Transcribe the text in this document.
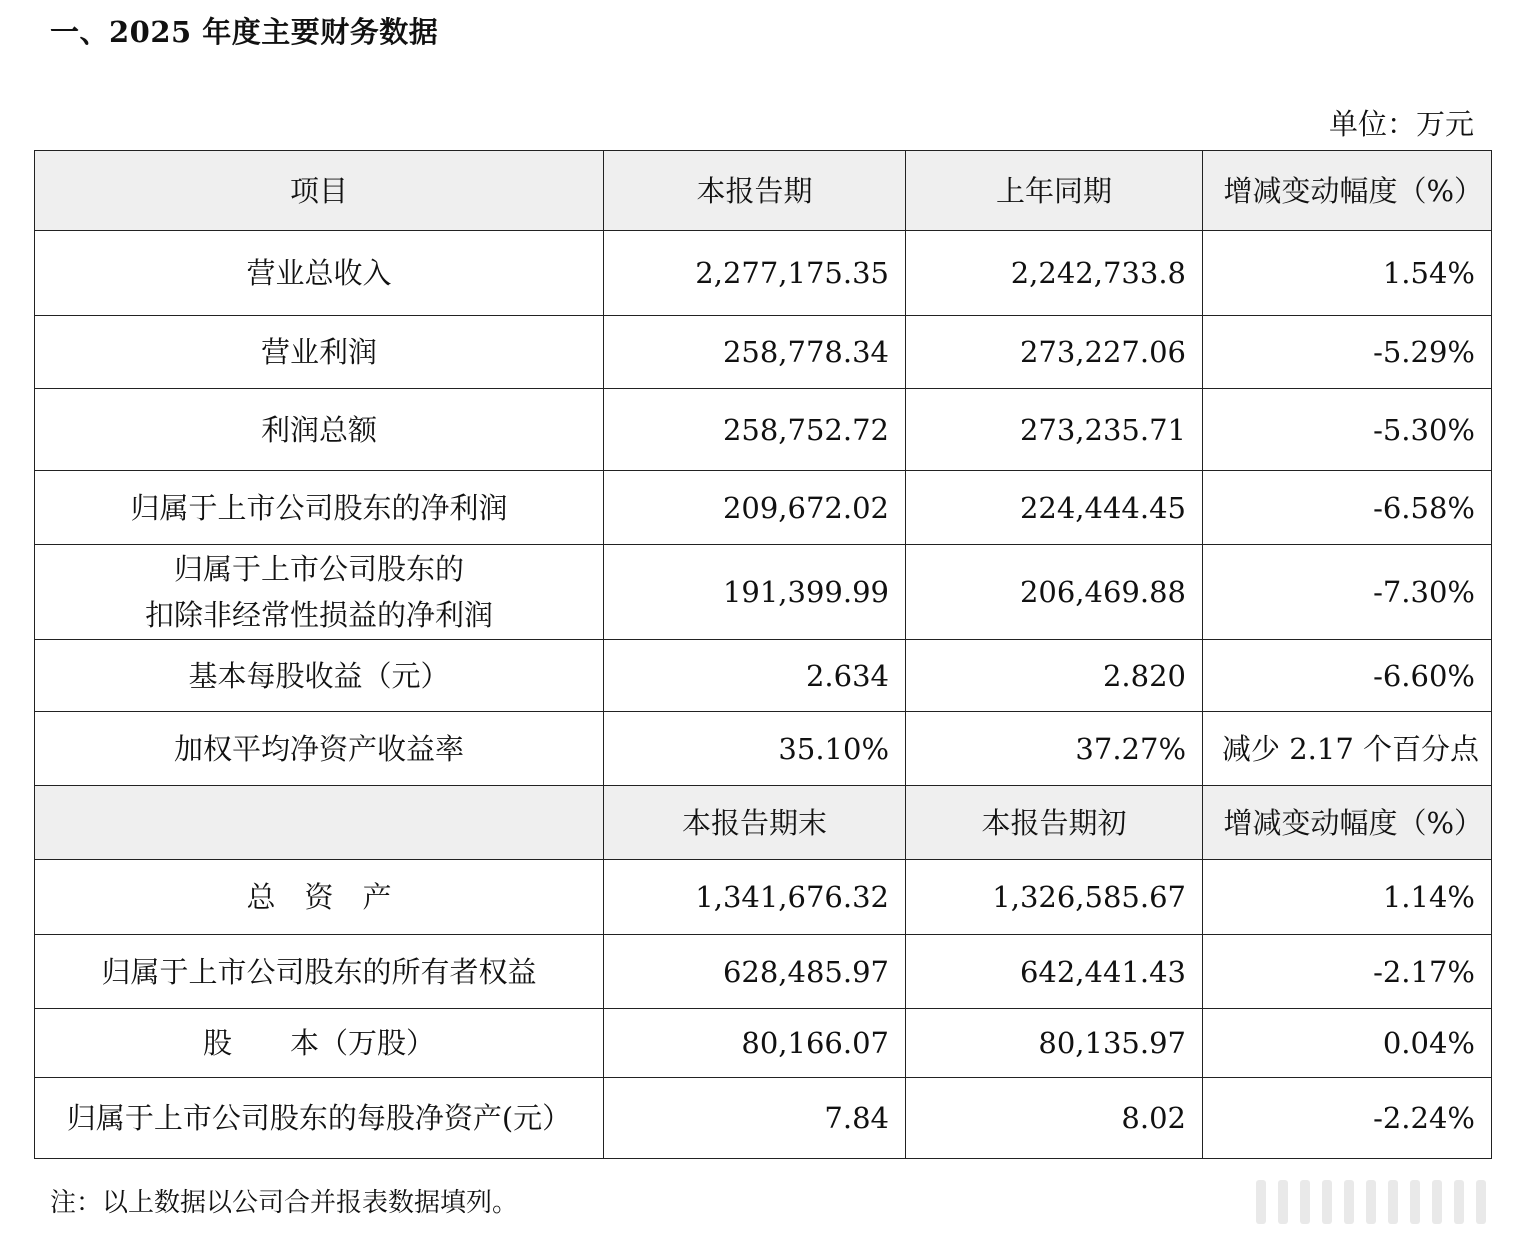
一、2025 年度主要财务数据
单位：万元
项目	本报告期	上年同期	增减变动幅度（%）
营业总收入	2,277,175.35	2,242,733.8	1.54%
营业利润	258,778.34	273,227.06	-5.29%
利润总额	258,752.72	273,235.71	-5.30%
归属于上市公司股东的净利润	209,672.02	224,444.45	-6.58%

归属于上市公司股东的
扣除非经常性损益的净利润	191,399.99	206,469.88	-7.30%
基本每股收益（元）	2.634	2.820	-6.60%
加权平均净资产收益率	35.10%	37.27%	减少 2.17 个百分点
	本报告期末	本报告期初	增减变动幅度（%）
总　资　产	1,341,676.32	1,326,585.67	1.14%
归属于上市公司股东的所有者权益	628,485.97	642,441.43	-2.17%
股　　本（万股）	80,166.07	80,135.97	0.04%
归属于上市公司股东的每股净资产(元）	7.84	8.02	-2.24%
注：以上数据以公司合并报表数据填列。
